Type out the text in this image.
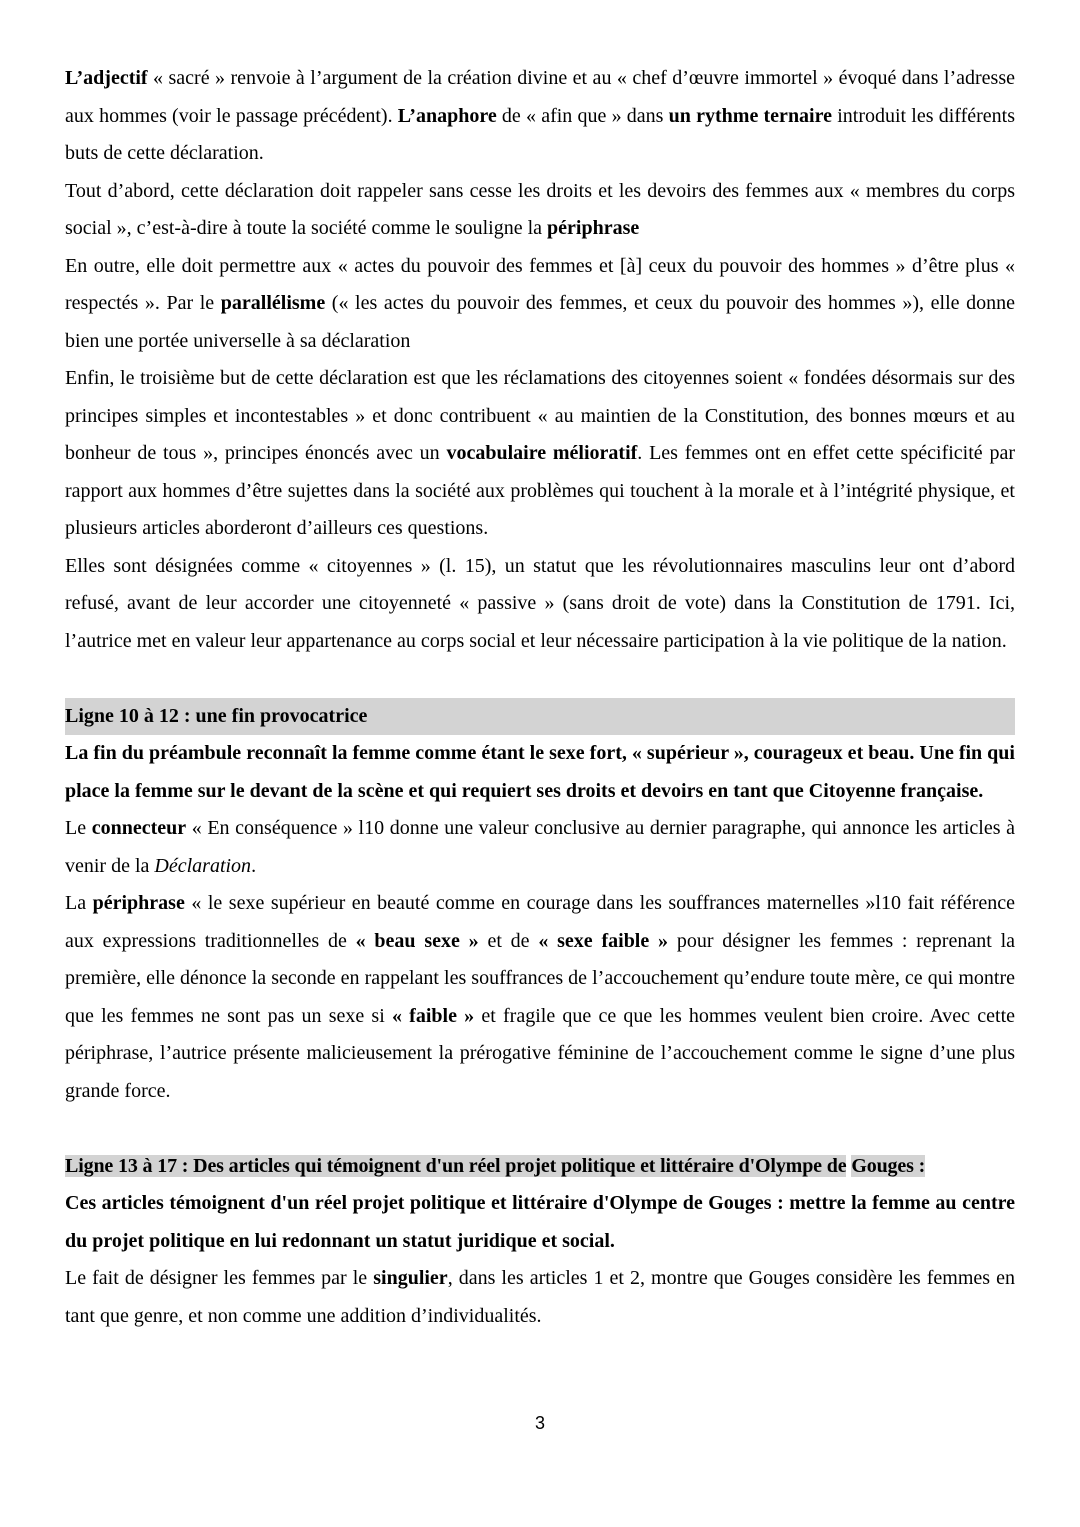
L’adjectif « sacré » renvoie à l’argument de la création divine et au « chef d’œuvre immortel » évoqué dans l’adresse aux hommes (voir le passage précédent). L’anaphore de « afin que » dans un rythme ternaire introduit les différents buts de cette déclaration.

Tout d’abord, cette déclaration doit rappeler sans cesse les droits et les devoirs des femmes aux « membres du corps social », c’est-à-dire à toute la société comme le souligne la périphrase

En outre, elle doit permettre aux « actes du pouvoir des femmes et [à] ceux du pouvoir des hommes » d’être plus « respectés ». Par le parallélisme (« les actes du pouvoir des femmes, et ceux du pouvoir des hommes »), elle donne bien une portée universelle à sa déclaration

Enfin, le troisième but de cette déclaration est que les réclamations des citoyennes soient « fondées désormais sur des principes simples et incontestables » et donc contribuent « au maintien de la Constitution, des bonnes mœurs et au bonheur de tous », principes énoncés avec un vocabulaire mélioratif. Les femmes ont en effet cette spécificité par rapport aux hommes d’être sujettes dans la société aux problèmes qui touchent à la morale et à l’intégrité physique, et plusieurs articles aborderont d’ailleurs ces questions.

Elles sont désignées comme « citoyennes » (l. 15), un statut que les révolutionnaires masculins leur ont d’abord refusé, avant de leur accorder une citoyenneté « passive » (sans droit de vote) dans la Constitution de 1791. Ici, l’autrice met en valeur leur appartenance au corps social et leur nécessaire participation à la vie politique de la nation.

Ligne 10 à 12 : une fin provocatrice

La fin du préambule reconnaît la femme comme étant le sexe fort, « supérieur », courageux et beau. Une fin qui place la femme sur le devant de la scène et qui requiert ses droits et devoirs en tant que Citoyenne française.

Le connecteur « En conséquence » l10 donne une valeur conclusive au dernier paragraphe, qui annonce les articles à venir de la Déclaration.

La périphrase « le sexe supérieur en beauté comme en courage dans les souffrances maternelles »l10 fait référence aux expressions traditionnelles de « beau sexe » et de « sexe faible » pour désigner les femmes : reprenant la première, elle dénonce la seconde en rappelant les souffrances de l’accouchement qu’endure toute mère, ce qui montre que les femmes ne sont pas un sexe si « faible » et fragile que ce que les hommes veulent bien croire. Avec cette périphrase, l’autrice présente malicieusement la prérogative féminine de l’accouchement comme le signe d’une plus grande force.

Ligne 13 à 17 : Des articles qui témoignent d'un réel projet politique et littéraire d'Olympe de Gouges :

Ces articles témoignent d'un réel projet politique et littéraire d'Olympe de Gouges : mettre la femme au centre du projet politique en lui redonnant un statut juridique et social.

Le fait de désigner les femmes par le singulier, dans les articles 1 et 2, montre que Gouges considère les femmes en tant que genre, et non comme une addition d’individualités.

3
